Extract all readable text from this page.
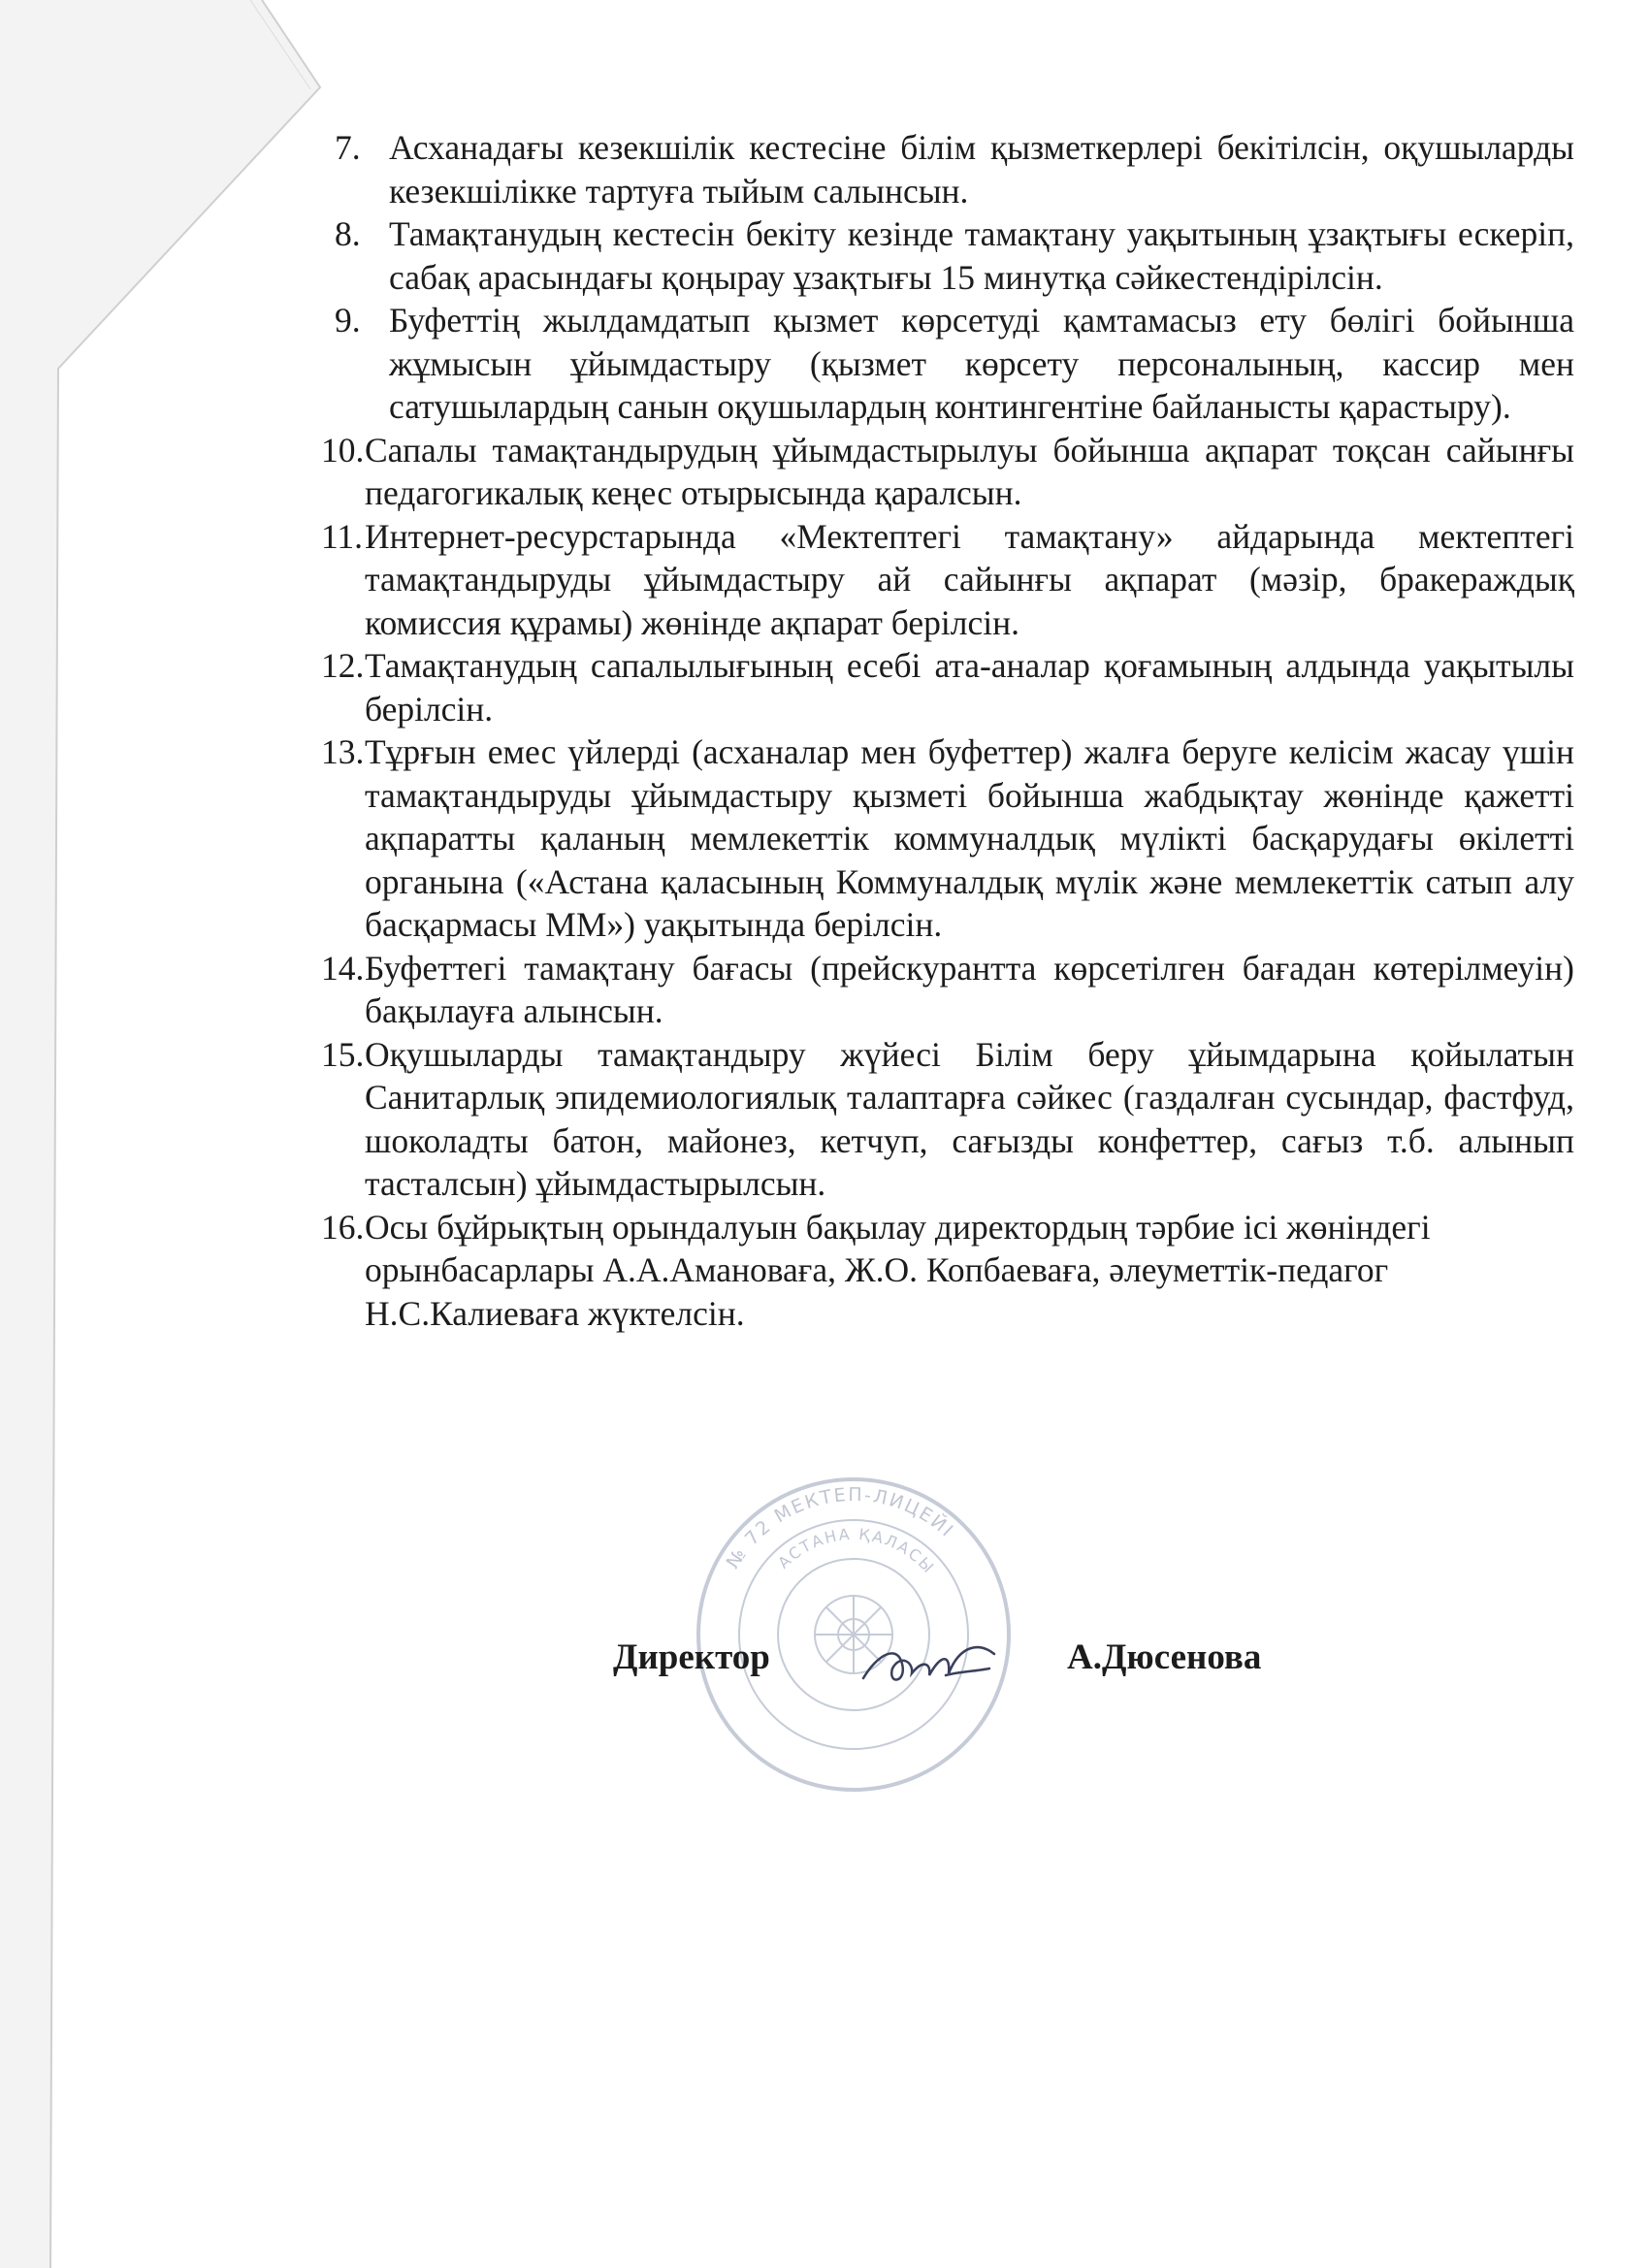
7. Асханадағы кезекшілік кестесіне білім қызметкерлері бекітілсін, оқушыларды кезекшілікке тартуға тыйым салынсын.
8. Тамақтанудың кестесін бекіту кезінде тамақтану уақытының ұзақтығы ескеріп, сабақ арасындағы қоңырау ұзақтығы 15 минутқа сәйкестендірілсін.
9. Буфеттің жылдамдатып қызмет көрсетуді қамтамасыз ету бөлігі бойынша жұмысын ұйымдастыру (қызмет көрсету персоналының, кассир мен сатушылардың санын оқушылардың контингентіне байланысты қарастыру).
10. Сапалы тамақтандырудың ұйымдастырылуы бойынша ақпарат тоқсан сайынғы педагогикалық кеңес отырысында қаралсын.
11. Интернет-ресурстарында «Мектептегі тамақтану» айдарында мектептегі тамақтандыруды ұйымдастыру ай сайынғы ақпарат (мәзір, бракераждық комиссия құрамы) жөнінде ақпарат берілсін.
12. Тамақтанудың сапалылығының есебі ата-аналар қоғамының алдында уақытылы берілсін.
13. Тұрғын емес үйлерді (асханалар мен буфеттер) жалға беруге келісім жасау үшін тамақтандыруды ұйымдастыру қызметі бойынша жабдықтау жөнінде қажетті ақпаратты қаланың мемлекеттік коммуналдық мүлікті басқарудағы өкілетті органына («Астана қаласының Коммуналдық мүлік және мемлекеттік сатып алу басқармасы ММ») уақытында берілсін.
14. Буфеттегі тамақтану бағасы (прейскурантта көрсетілген бағадан көтерілмеуін) бақылауға алынсын.
15. Оқушыларды тамақтандыру жүйесі Білім беру ұйымдарына қойылатын Санитарлық эпидемиологиялық талаптарға сәйкес (газдалған сусындар, фастфуд, шоколадты батон, майонез, кетчуп, сағызды конфеттер, сағыз т.б. алынып тасталсын) ұйымдастырылсын.
16. Осы бұйрықтың орындалуын бақылау директордың тәрбие ісі жөніндегі орынбасарлары А.А.Амановаға, Ж.О. Копбаеваға, әлеуметтік-педагог Н.С.Калиеваға жүктелсін.
№ 72 МЕКТЕП-ЛИЦЕЙІ
АСТАНА ҚАЛАСЫ
Директор	А.Дюсенова
